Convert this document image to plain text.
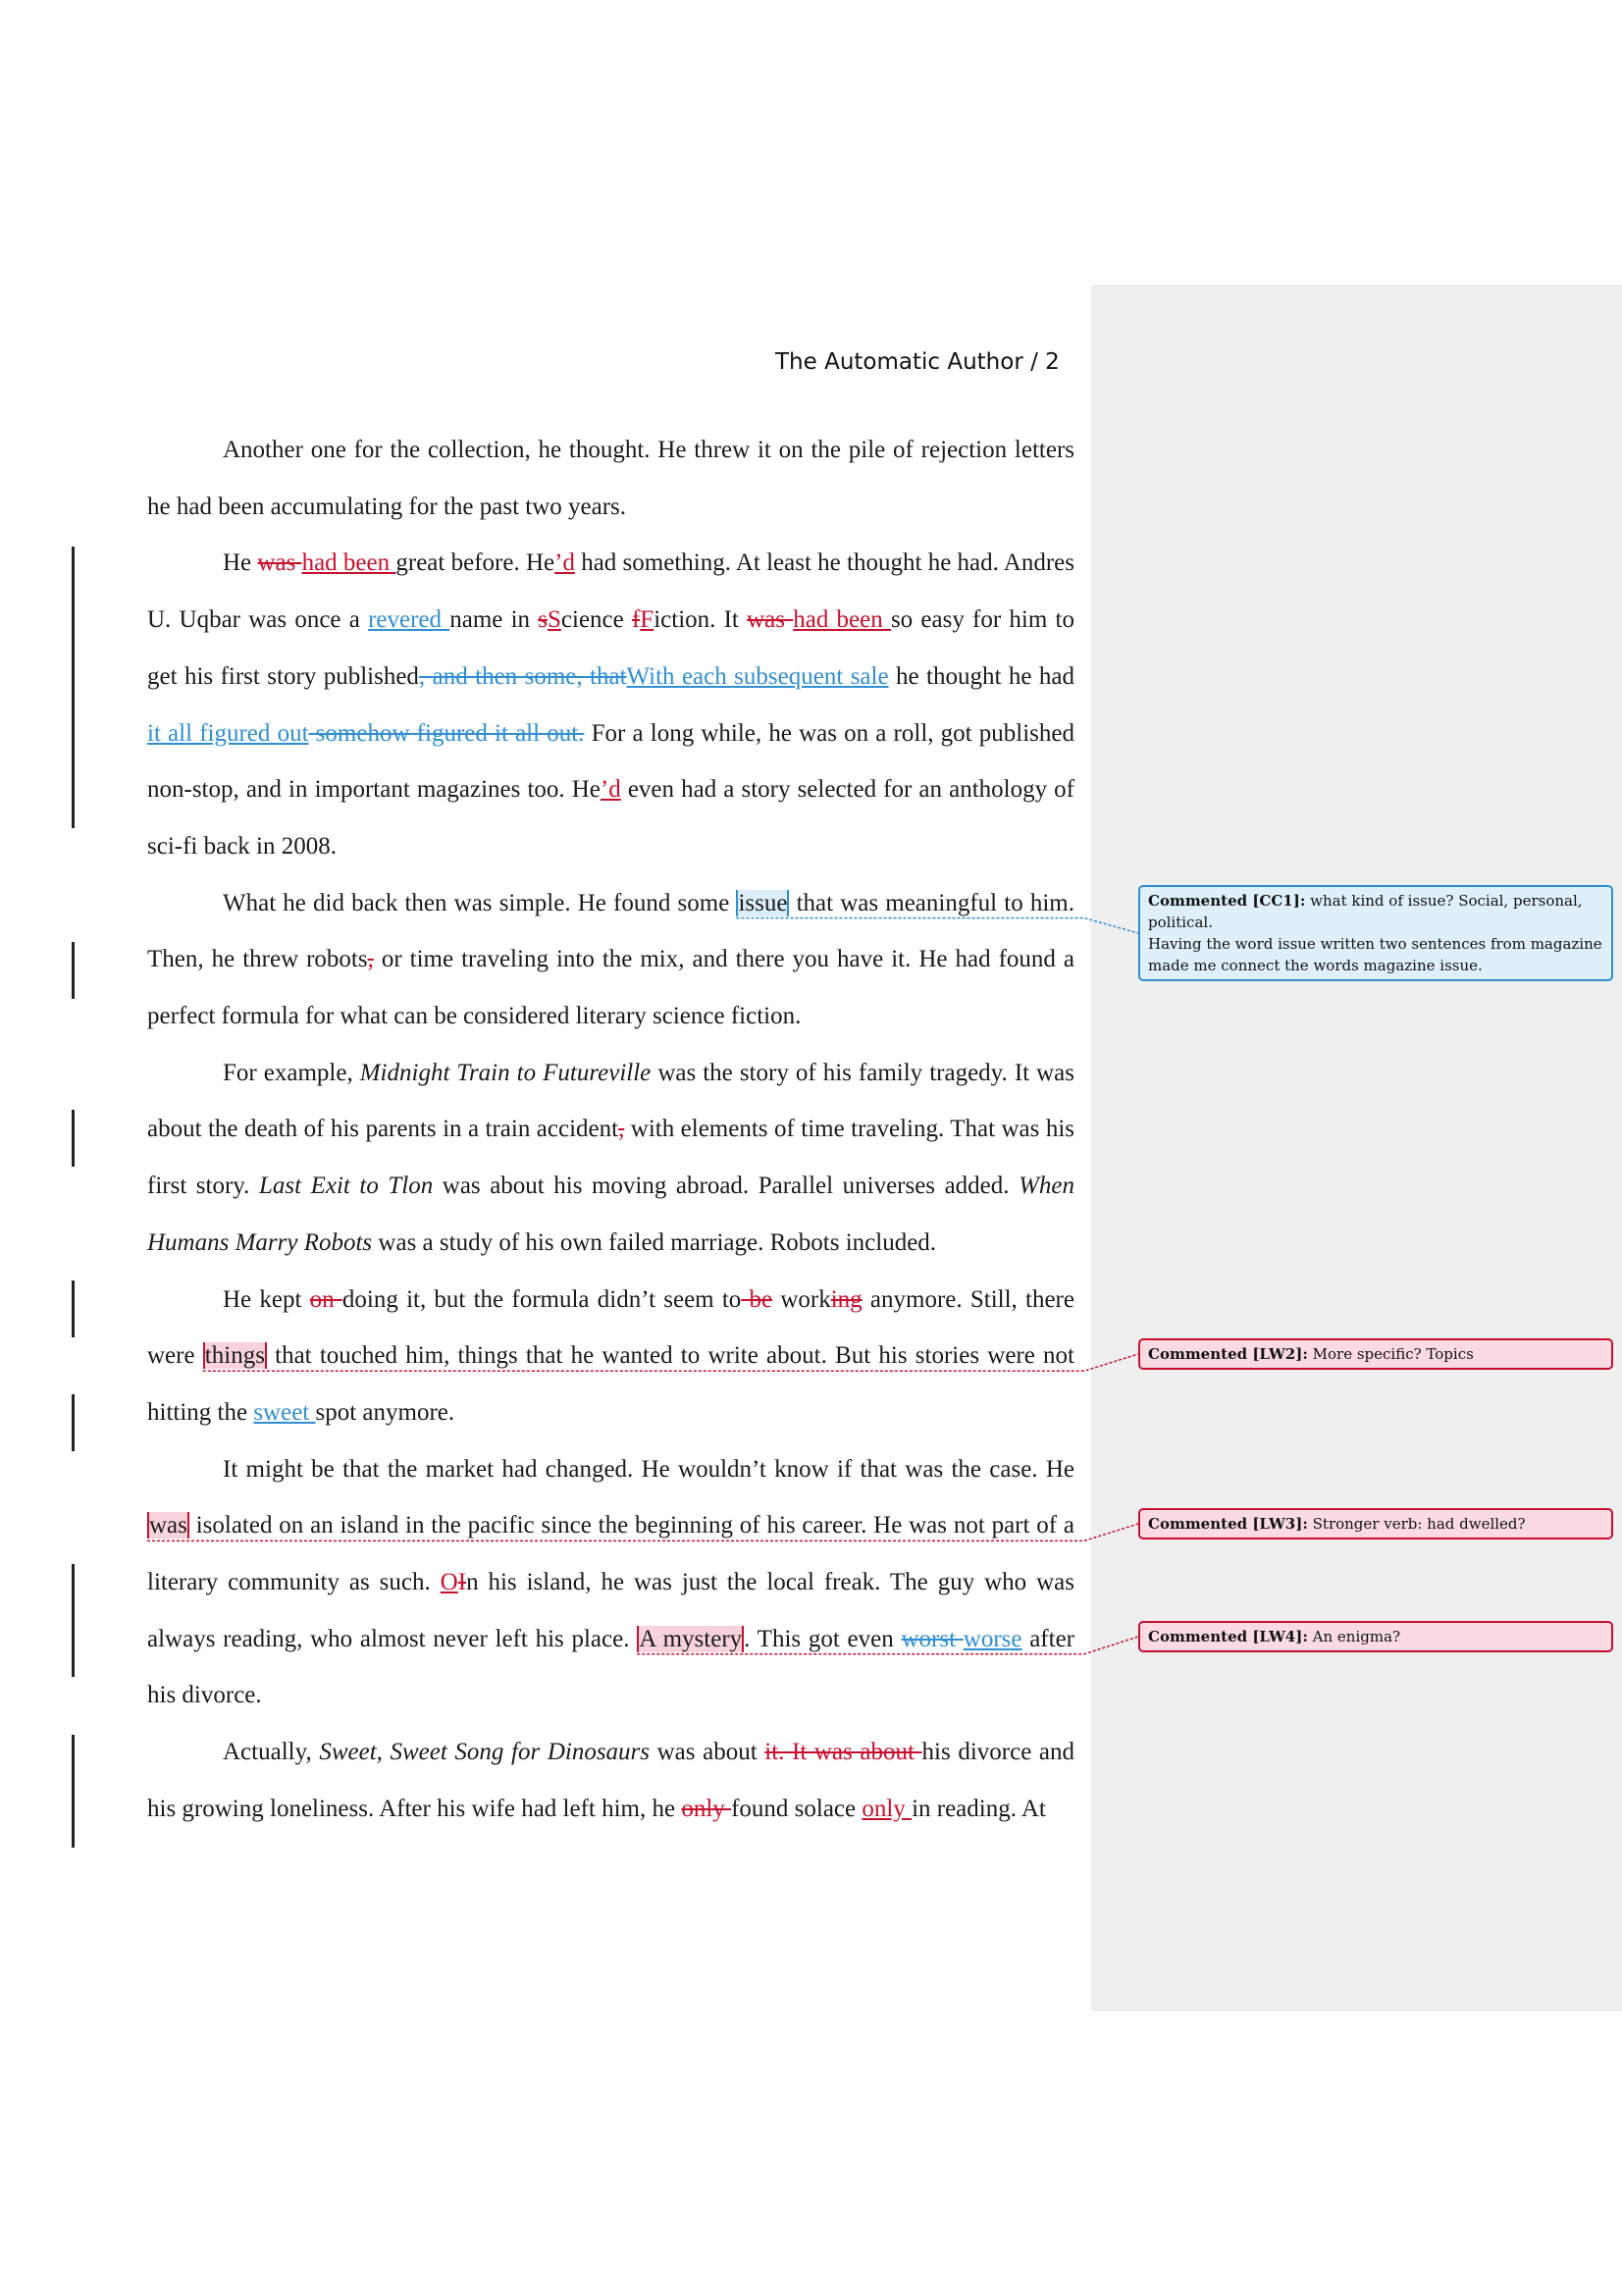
The Automatic Author / 2

Another one for the collection, he thought. He threw it on the pile of rejection letters he had been accumulating for the past two years.

He was had been great before. He’d had something. At least he thought he had. Andres U. Uqbar was once a revered name in sScience fFiction. It was had been so easy for him to get his first story published, and then some, thatWith each subsequent sale he thought he had it all figured out somehow figured it all out. For a long while, he was on a roll, got published non-stop, and in important magazines too. He’d even had a story selected for an anthology of sci-fi back in 2008.

What he did back then was simple. He found some issue that was meaningful to him. Then, he threw robots, or time traveling into the mix, and there you have it. He had found a perfect formula for what can be considered literary science fiction.

For example, Midnight Train to Futureville was the story of his family tragedy. It was about the death of his parents in a train accident, with elements of time traveling. That was his first story. Last Exit to Tlon was about his moving abroad. Parallel universes added. When Humans Marry Robots was a study of his own failed marriage. Robots included.

He kept on doing it, but the formula didn’t seem to be working anymore. Still, there were things that touched him, things that he wanted to write about. But his stories were not hitting the sweet spot anymore.

It might be that the market had changed. He wouldn’t know if that was the case. He was isolated on an island in the pacific since the beginning of his career. He was not part of a literary community as such. OIn his island, he was just the local freak. The guy who was always reading, who almost never left his place. A mystery. This got even worst worse after his divorce.

Actually, Sweet, Sweet Song for Dinosaurs was about it. It was about his divorce and his growing loneliness. After his wife had left him, he only found solace only in reading. At

Commented [CC1]: what kind of issue? Social, personal, political.
Having the word issue written two sentences from magazine made me connect the words magazine issue.
Commented [LW2]: More specific? Topics
Commented [LW3]: Stronger verb: had dwelled?
Commented [LW4]: An enigma?
